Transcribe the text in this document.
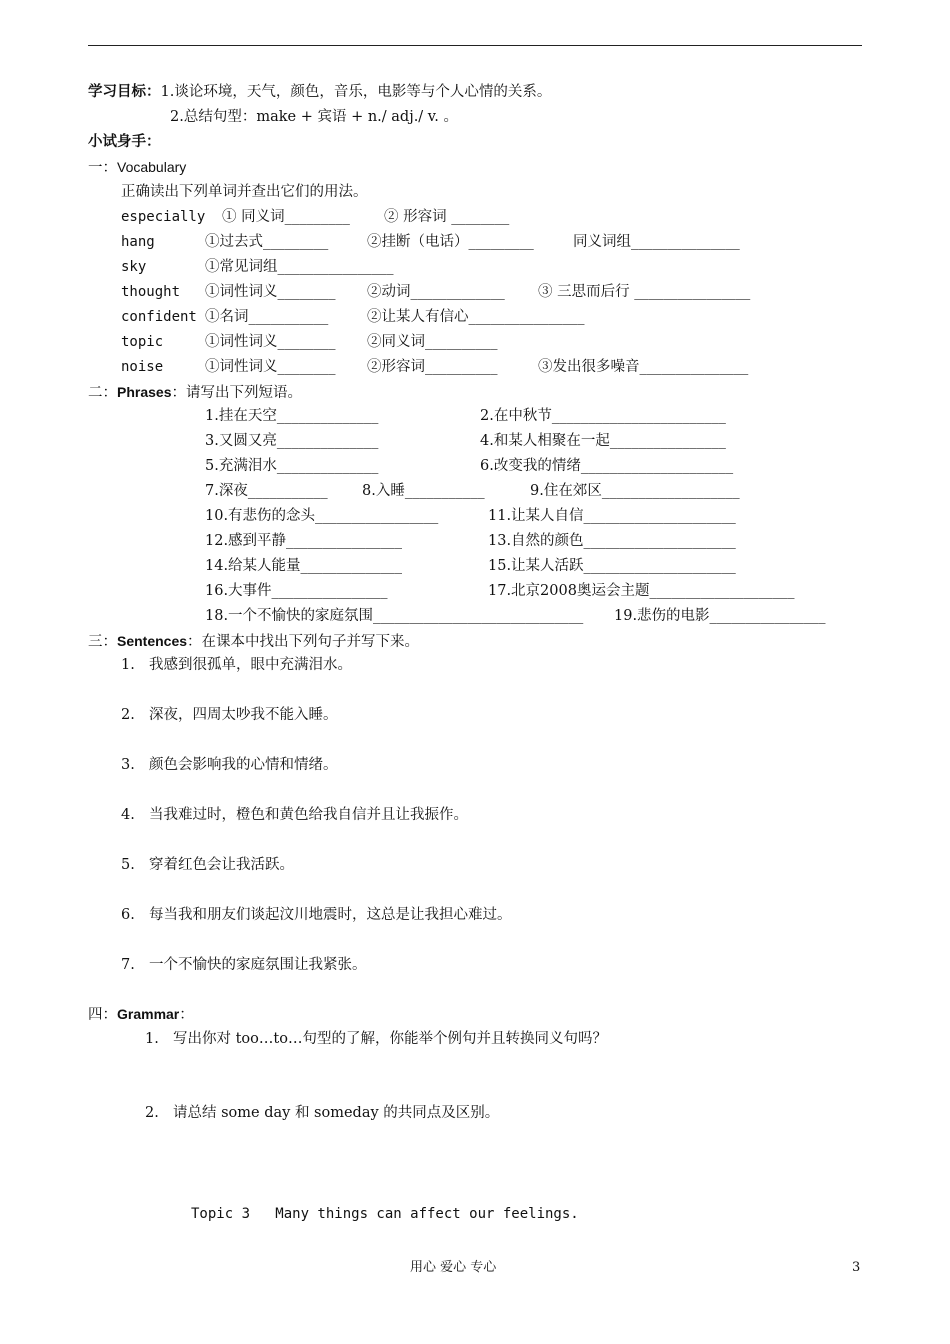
学习目标：1.谈论环境，天气，颜色，音乐，电影等与个人心情的关系。
2.总结句型：make + 宾语 + n./ adj./ v. 。
小试身手：
一：Vocabulary
正确读出下列单词并查出它们的用法。
especially ① 同义词_________ ② 形容词 ________
hang	①过去式_________	②挂断（电话）_________	同义词组_______________
sky	①常见词组________________
thought ①词性词义________ ②动词_____________ ③ 三思而后行 ________________
confident ①名词___________	②让某人有信心________________
topic	①词性词义________ ②同义词__________
noise	①词性词义________ ②形容词__________	③发出很多噪音_______________
二：Phrases：请写出下列短语。
1.挂在天空______________	2.在中秋节________________________
3.又圆又亮______________	4.和某人相聚在一起________________
5.充满泪水______________	6.改变我的情绪_____________________
7.深夜___________ 8.入睡___________	9.住在郊区___________________
10.有悲伤的念头_________________	11.让某人自信_____________________
12.感到平静________________	13.自然的颜色_____________________
14.给某人能量______________	15.让某人活跃_____________________
16.大事件________________	17.北京2008奥运会主题____________________
18.一个不愉快的家庭氛围_____________________________ 19.悲伤的电影________________
三：Sentences：在课本中找出下列句子并写下来。
1. 我感到很孤单，眼中充满泪水。
2. 深夜，四周太吵我不能入睡。
3. 颜色会影响我的心情和情绪。
4. 当我难过时，橙色和黄色给我自信并且让我振作。
5. 穿着红色会让我活跃。
6. 每当我和朋友们谈起汶川地震时，这总是让我担心难过。
7. 一个不愉快的家庭氛围让我紧张。
四：Grammar：
1. 写出你对 too…to…句型的了解，你能举个例句并且转换同义句吗？
2. 请总结 some day 和 someday 的共同点及区别。
Topic 3   Many things can affect our feelings.
用心 爱心 专心	3
